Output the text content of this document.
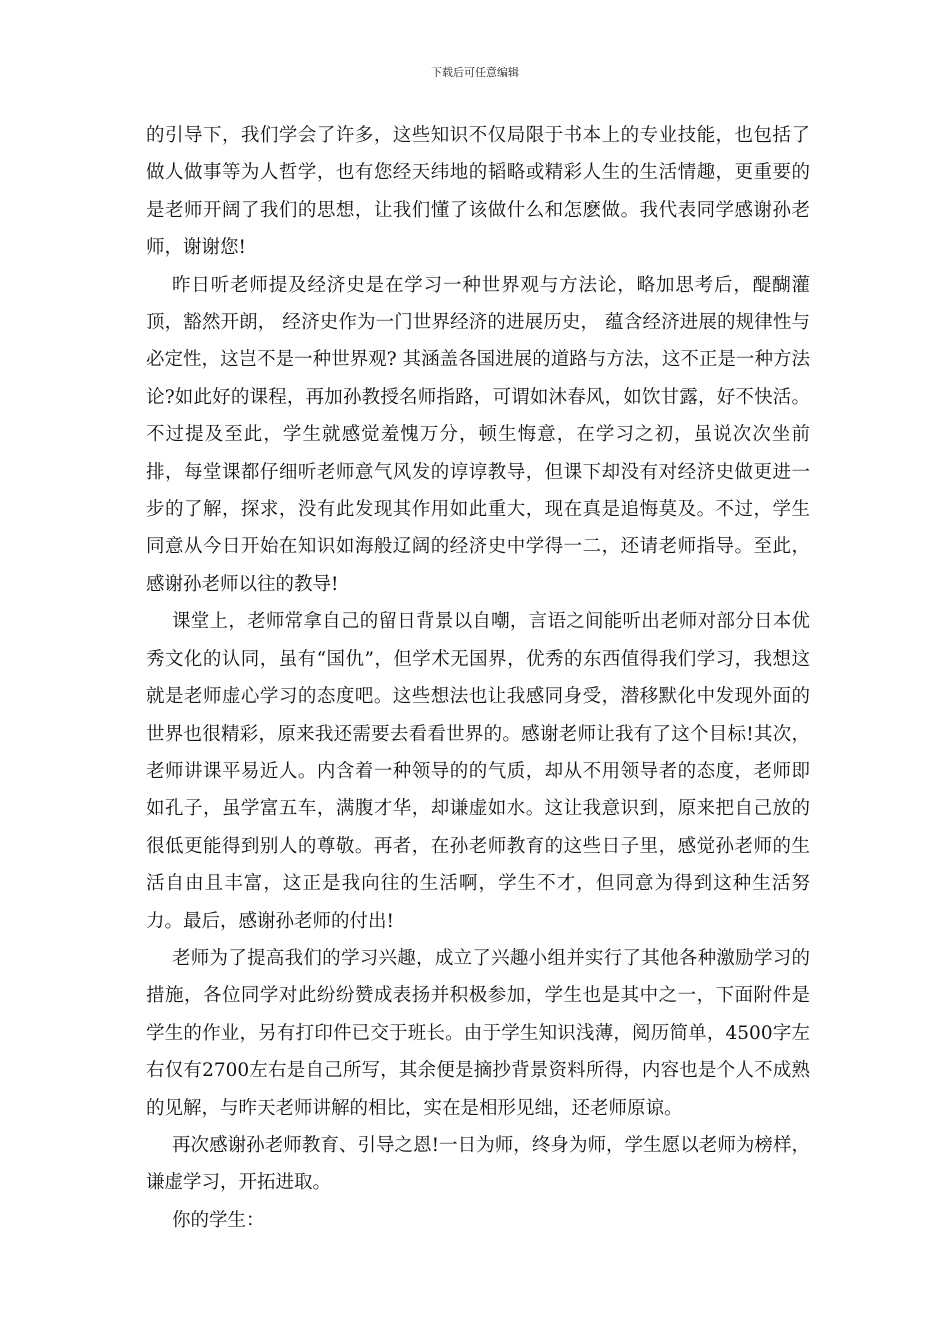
下载后可任意编辑

的引导下，我们学会了许多，这些知识不仅局限于书本上的专业技能，也包括了做人做事等为人哲学，也有您经天纬地的韬略或精彩人生的生活情趣，更重要的是老师开阔了我们的思想，让我们懂了该做什么和怎麽做。我代表同学感谢孙老师，谢谢您!

昨日听老师提及经济史是在学习一种世界观与方法论，略加思考后，醍醐灌顶，豁然开朗， 经济史作为一门世界经济的进展历史， 蕴含经济进展的规律性与必定性，这岂不是一种世界观? 其涵盖各国进展的道路与方法，这不正是一种方法论?如此好的课程，再加孙教授名师指路，可谓如沐春风，如饮甘露，好不快活。不过提及至此，学生就感觉羞愧万分，顿生悔意，在学习之初，虽说次次坐前排，每堂课都仔细听老师意气风发的谆谆教导，但课下却没有对经济史做更进一步的了解，探求，没有此发现其作用如此重大，现在真是追悔莫及。不过，学生同意从今日开始在知识如海般辽阔的经济史中学得一二，还请老师指导。至此，感谢孙老师以往的教导!

课堂上，老师常拿自己的留日背景以自嘲，言语之间能听出老师对部分日本优秀文化的认同，虽有“国仇”，但学术无国界，优秀的东西值得我们学习，我想这就是老师虚心学习的态度吧。这些想法也让我感同身受，潜移默化中发现外面的世界也很精彩，原来我还需要去看看世界的。感谢老师让我有了这个目标!其次，老师讲课平易近人。内含着一种领导的的气质，却从不用领导者的态度，老师即如孔子，虽学富五车，满腹才华，却谦虚如水。这让我意识到，原来把自己放的很低更能得到别人的尊敬。再者，在孙老师教育的这些日子里，感觉孙老师的生活自由且丰富，这正是我向往的生活啊，学生不才，但同意为得到这种生活努力。最后，感谢孙老师的付出!

老师为了提高我们的学习兴趣，成立了兴趣小组并实行了其他各种激励学习的措施，各位同学对此纷纷赞成表扬并积极参加，学生也是其中之一，下面附件是学生的作业，另有打印件已交于班长。由于学生知识浅薄，阅历简单，4500字左右仅有2700左右是自己所写，其余便是摘抄背景资料所得，内容也是个人不成熟的见解，与昨天老师讲解的相比，实在是相形见绌，还老师原谅。

再次感谢孙老师教育、引导之恩!一日为师，终身为师，学生愿以老师为榜样，谦虚学习，开拓进取。

你的学生：
